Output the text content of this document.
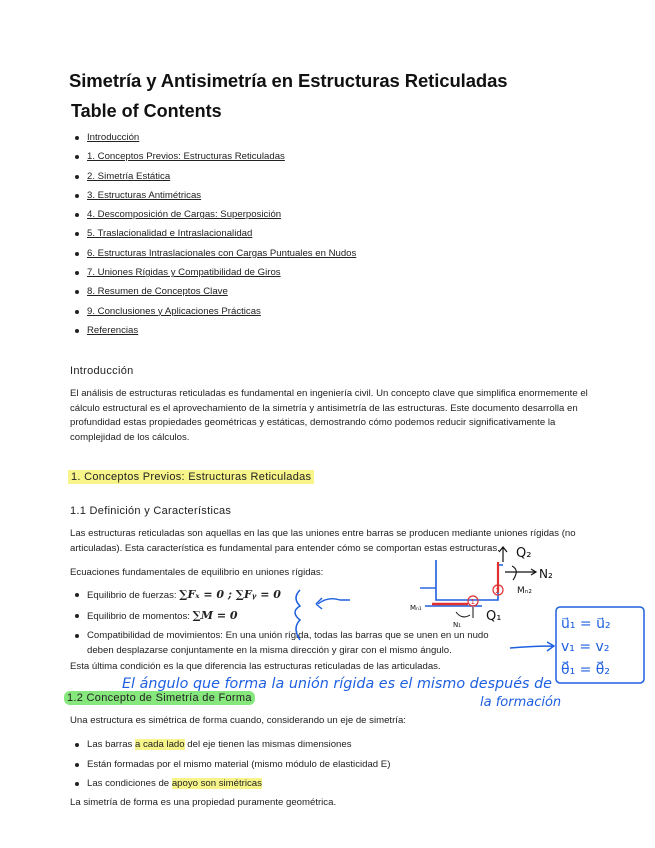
Simetría y Antisimetría en Estructuras Reticuladas
Table of Contents
Introducción
1. Conceptos Previos: Estructuras Reticuladas
2. Simetría Estática
3. Estructuras Antimétricas
4. Descomposición de Cargas: Superposición
5. Traslacionalidad e Intraslacionalidad
6. Estructuras Intraslacionales con Cargas Puntuales en Nudos
7. Uniones Rígidas y Compatibilidad de Giros
8. Resumen de Conceptos Clave
9. Conclusiones y Aplicaciones Prácticas
Referencias
Introducción

El análisis de estructuras reticuladas es fundamental en ingeniería civil. Un concepto clave que simplifica enormemente el cálculo estructural es el aprovechamiento de la simetría y antisimetría de las estructuras. Este documento desarrolla en profundidad estas propiedades geométricas y estáticas, demostrando cómo podemos reducir significativamente la complejidad de los cálculos.

1. Conceptos Previos: Estructuras Reticuladas
1.1 Definición y Características

Las estructuras reticuladas son aquellas en las que las uniones entre barras se producen mediante uniones rígidas (no articuladas). Esta característica es fundamental para entender cómo se comportan estas estructuras.

Ecuaciones fundamentales de equilibrio en uniones rígidas:

Equilibrio de fuerzas: ∑Fₓ = 0 ; ∑Fᵧ = 0
Equilibrio de momentos: ∑M = 0
Compatibilidad de movimientos: En una unión rígida, todas las barras que se unen en un nudo deben desplazarse conjuntamente en la misma dirección y girar con el mismo ángulo.

Esta última condición es la que diferencia las estructuras reticuladas de las articuladas.

1.2 Concepto de Simetría de Forma

Una estructura es simétrica de forma cuando, considerando un eje de simetría:

Las barras a cada lado del eje tienen las mismas dimensiones
Están formadas por el mismo material (mismo módulo de elasticidad E)
Las condiciones de apoyo son simétricas

La simetría de forma es una propiedad puramente geométrica.

1
2
Q₂
N₂
Mₙ₂
Mₙ₁
N₁
Q₁	u⃗₁ = u⃗₂
v₁ = v₂
θ⃗₁ = θ⃗₂
El ángulo que forma la unión rígida es el mismo después de
la formación
